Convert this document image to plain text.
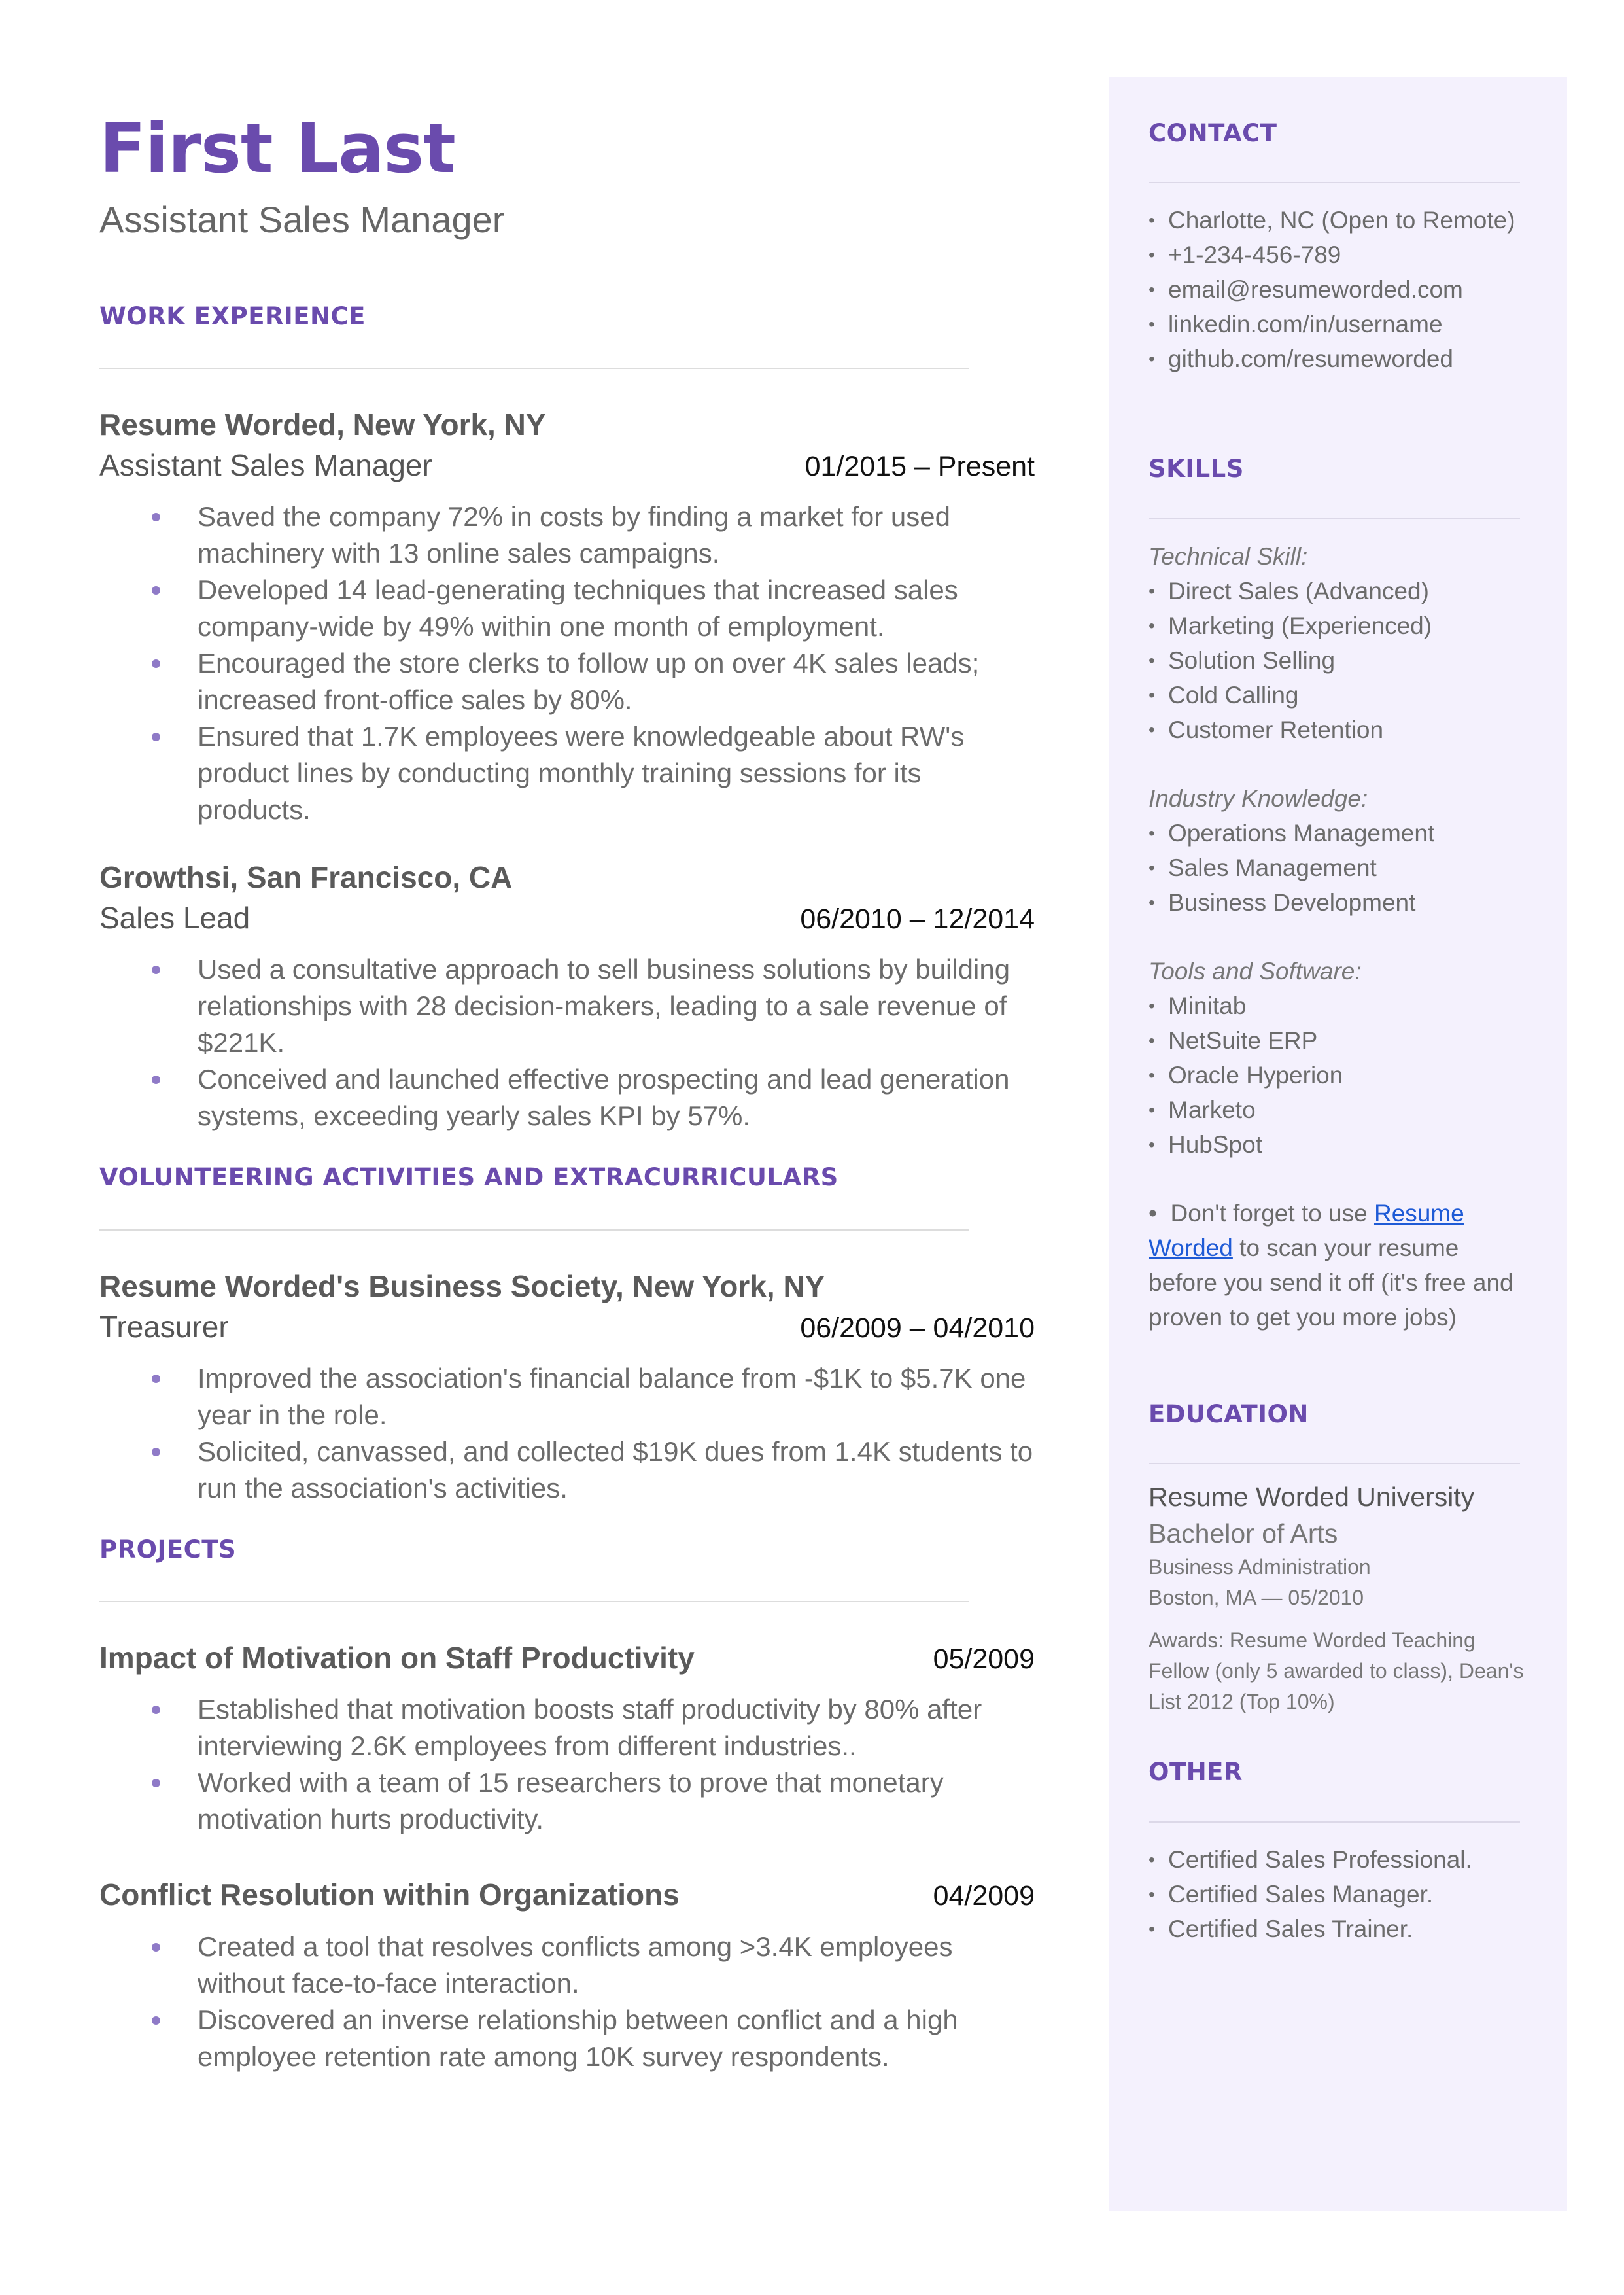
First Last
Assistant Sales Manager
WORK EXPERIENCE
Resume Worded, New York, NY
Assistant Sales Manager	01/2015 – Present
Saved the company 72% in costs by finding a market for used machinery with 13 online sales campaigns.
Developed 14 lead-generating techniques that increased sales company-wide by 49% within one month of employment.
Encouraged the store clerks to follow up on over 4K sales leads; increased front-office sales by 80%.
Ensured that 1.7K employees were knowledgeable about RW's product lines by conducting monthly training sessions for its products.
Growthsi, San Francisco, CA
Sales Lead	06/2010 – 12/2014
Used a consultative approach to sell business solutions by building relationships with 28 decision-makers, leading to a sale revenue of $221K.
Conceived and launched effective prospecting and lead generation systems, exceeding yearly sales KPI by 57%.
VOLUNTEERING ACTIVITIES AND EXTRACURRICULARS
Resume Worded's Business Society, New York, NY
Treasurer	06/2009 – 04/2010
Improved the association's financial balance from -$1K to $5.7K one year in the role.
Solicited, canvassed, and collected $19K dues from 1.4K students to run the association's activities.
PROJECTS
Impact of Motivation on Staff Productivity	05/2009
Established that motivation boosts staff productivity by 80% after interviewing 2.6K employees from different industries..
Worked with a team of 15 researchers to prove that monetary motivation hurts productivity.
Conflict Resolution within Organizations	04/2009
Created a tool that resolves conflicts among >3.4K employees without face-to-face interaction.
Discovered an inverse relationship between conflict and a high employee retention rate among 10K survey respondents.
CONTACT
• Charlotte, NC (Open to Remote)
• +1-234-456-789
• email@resumeworded.com
• linkedin.com/in/username
• github.com/resumeworded
SKILLS
Technical Skill:
• Direct Sales (Advanced)
• Marketing (Experienced)
• Solution Selling
• Cold Calling
• Customer Retention
Industry Knowledge:
• Operations Management
• Sales Management
• Business Development
Tools and Software:
• Minitab
• NetSuite ERP
• Oracle Hyperion
• Marketo
• HubSpot
•  Don't forget to use Resume Worded to scan your resume before you send it off (it's free and proven to get you more jobs)
EDUCATION
Resume Worded University
Bachelor of Arts
Business Administration
Boston, MA — 05/2010
Awards: Resume Worded Teaching Fellow (only 5 awarded to class), Dean's List 2012 (Top 10%)
OTHER
• Certified Sales Professional.
• Certified Sales Manager.
• Certified Sales Trainer.
